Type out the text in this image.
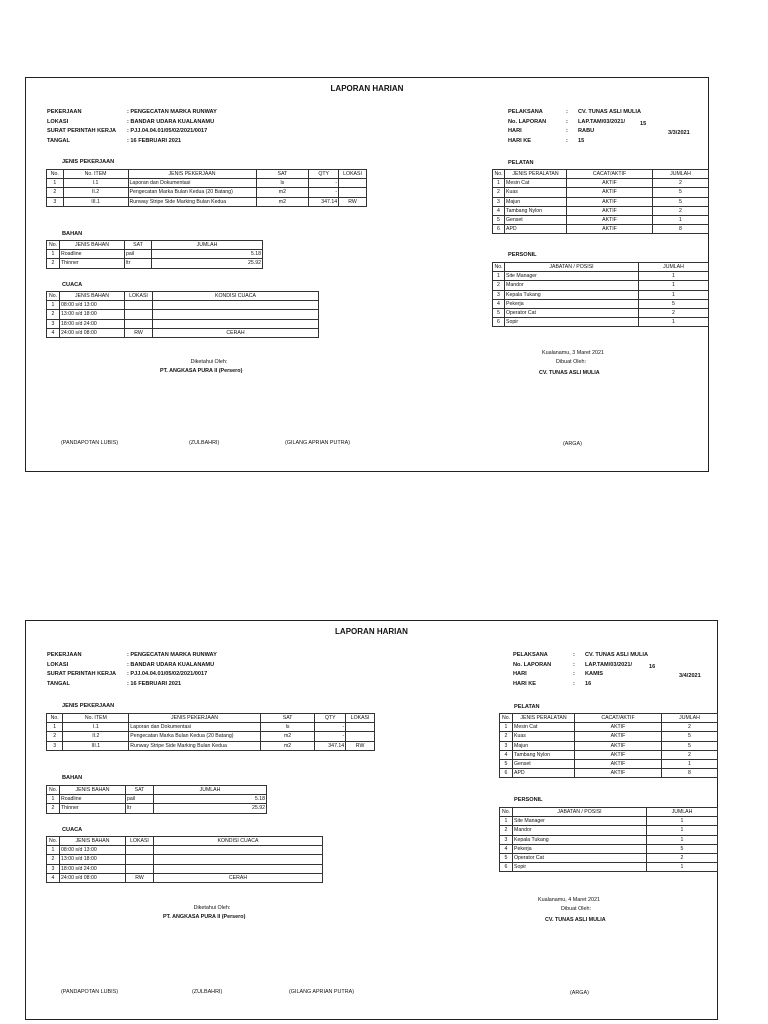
LAPORAN HARIAN
PEKERJAAN	: PENGECATAN MARKA RUNWAY
LOKASI	: BANDAR UDARA KUALANAMU
SURAT PERINTAH KERJA	: PJJ.04.04.01/05/02/2021/0017
TANGAL	: 16 FEBRUARI 2021
PELAKSANA	:	CV. TUNAS ASLI MULIA
No. LAPORAN	:	LAP.TAM/03/2021/	15
HARI	:	RABU	3/3/2021
HARI KE	:	15
JENIS PEKERJAAN
No.	No. ITEM	JENIS PEKERJAAN	SAT	QTY	LOKASI
1	I.1	Laporan dan Dokumentasi	ls	-	
2	II.2	Pengecatan Marka Bulan Kedua (20 Batang)	m2	-	
3	III.1	Runway Stripe Side Marking Bulan Kedua	m2	347.14	RW
BAHAN
No.	JENIS BAHAN	SAT	JUMLAH
1	Roadline	pail	5.18
2	Thinner	ltr	25.92
CUACA
No.	JENIS BAHAN	LOKASI	KONDISI CUACA
1	08:00 s/d 13:00		
2	13:00 s/d 18:00		
3	18:00 s/d 24:00		
4	24:00 s/d 08:00	RW	CERAH
PELATAN
No.	JENIS PERALATAN	CACAT/AKTIF	JUMLAH
1	Mesin Cat	AKTIF	2
2	Kuas	AKTIF	5
3	Majun	AKTIF	5
4	Tambang Nylon	AKTIF	2
5	Genset	AKTIF	1
6	APD	AKTIF	8
PERSONIL
No.	JABATAN / POSISI	JUMLAH
1	Site Manager	1
2	Mandor	1
3	Kepala Tukang	1
4	Pekerja	5
5	Operator Cat	2
6	Sopir	1
Diketahui Oleh:
PT. ANGKASA PURA II (Persero)
Kualanamu, 3 Maret 2021
Dibuat Oleh:
CV. TUNAS ASLI MULIA
(PANDAPOTAN LUBIS)	(ZULBAHRI)	(GILANG APRIAN PUTRA)	(ARGA)
LAPORAN HARIAN
PEKERJAAN	: PENGECATAN MARKA RUNWAY
LOKASI	: BANDAR UDARA KUALANAMU
SURAT PERINTAH KERJA	: PJJ.04.04.01/05/02/2021/0017
TANGAL	: 16 FEBRUARI 2021
PELAKSANA	:	CV. TUNAS ASLI MULIA
No. LAPORAN	:	LAP.TAM/03/2021/	16
HARI	:	KAMIS	3/4/2021
HARI KE	:	16
JENIS PEKERJAAN
No.	No. ITEM	JENIS PEKERJAAN	SAT	QTY	LOKASI
1	I.1	Laporan dan Dokumentasi	ls	-	
2	II.2	Pengecatan Marka Bulan Kedua (20 Batang)	m2	-	
3	III.1	Runway Stripe Side Marking Bulan Kedua	m2	347.14	RW
BAHAN
No.	JENIS BAHAN	SAT	JUMLAH
1	Roadline	pail	5.18
2	Thinner	ltr	25.92
CUACA
No.	JENIS BAHAN	LOKASI	KONDISI CUACA
1	08:00 s/d 13:00		
2	13:00 s/d 18:00		
3	18:00 s/d 24:00		
4	24:00 s/d 08:00	RW	CERAH
PELATAN
No.	JENIS PERALATAN	CACAT/AKTIF	JUMLAH
1	Mesin Cat	AKTIF	2
2	Kuas	AKTIF	5
3	Majun	AKTIF	5
4	Tambang Nylon	AKTIF	2
5	Genset	AKTIF	1
6	APD	AKTIF	8
PERSONIL
No.	JABATAN / POSISI	JUMLAH
1	Site Manager	1
2	Mandor	1
3	Kepala Tukang	1
4	Pekerja	5
5	Operator Cat	2
6	Sopir	1
Diketahui Oleh:
PT. ANGKASA PURA II (Persero)
Kualanamu, 4 Maret 2021
Dibuat Oleh:
CV. TUNAS ASLI MULIA
(PANDAPOTAN LUBIS)	(ZULBAHRI)	(GILANG APRIAN PUTRA)	(ARGA)
